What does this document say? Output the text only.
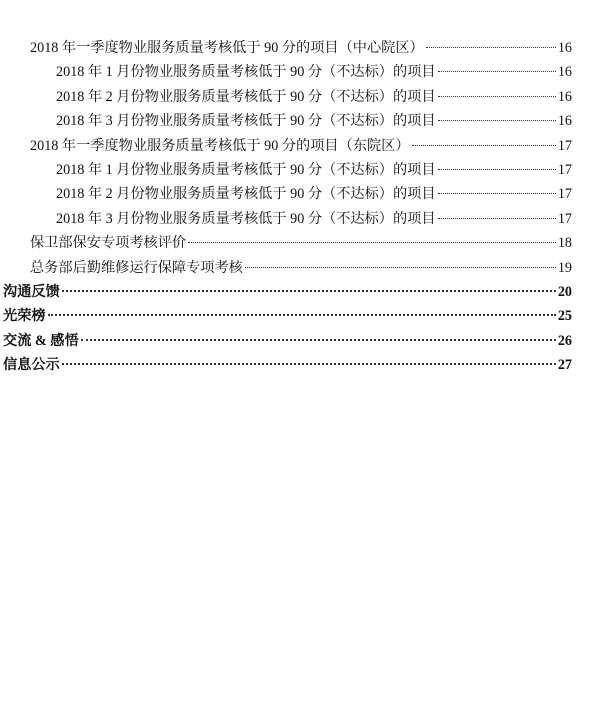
2018 年一季度物业服务质量考核低于 90 分的项目（中心院区）	16
2018 年 1 月份物业服务质量考核低于 90 分（不达标）的项目	16
2018 年 2 月份物业服务质量考核低于 90 分（不达标）的项目	16
2018 年 3 月份物业服务质量考核低于 90 分（不达标）的项目	16
2018 年一季度物业服务质量考核低于 90 分的项目（东院区）	17
2018 年 1 月份物业服务质量考核低于 90 分（不达标）的项目	17
2018 年 2 月份物业服务质量考核低于 90 分（不达标）的项目	17
2018 年 3 月份物业服务质量考核低于 90 分（不达标）的项目	17
保卫部保安专项考核评价	18
总务部后勤维修运行保障专项考核	19
沟通反馈	20
光荣榜	25
交流 & 感悟	26
信息公示	27
